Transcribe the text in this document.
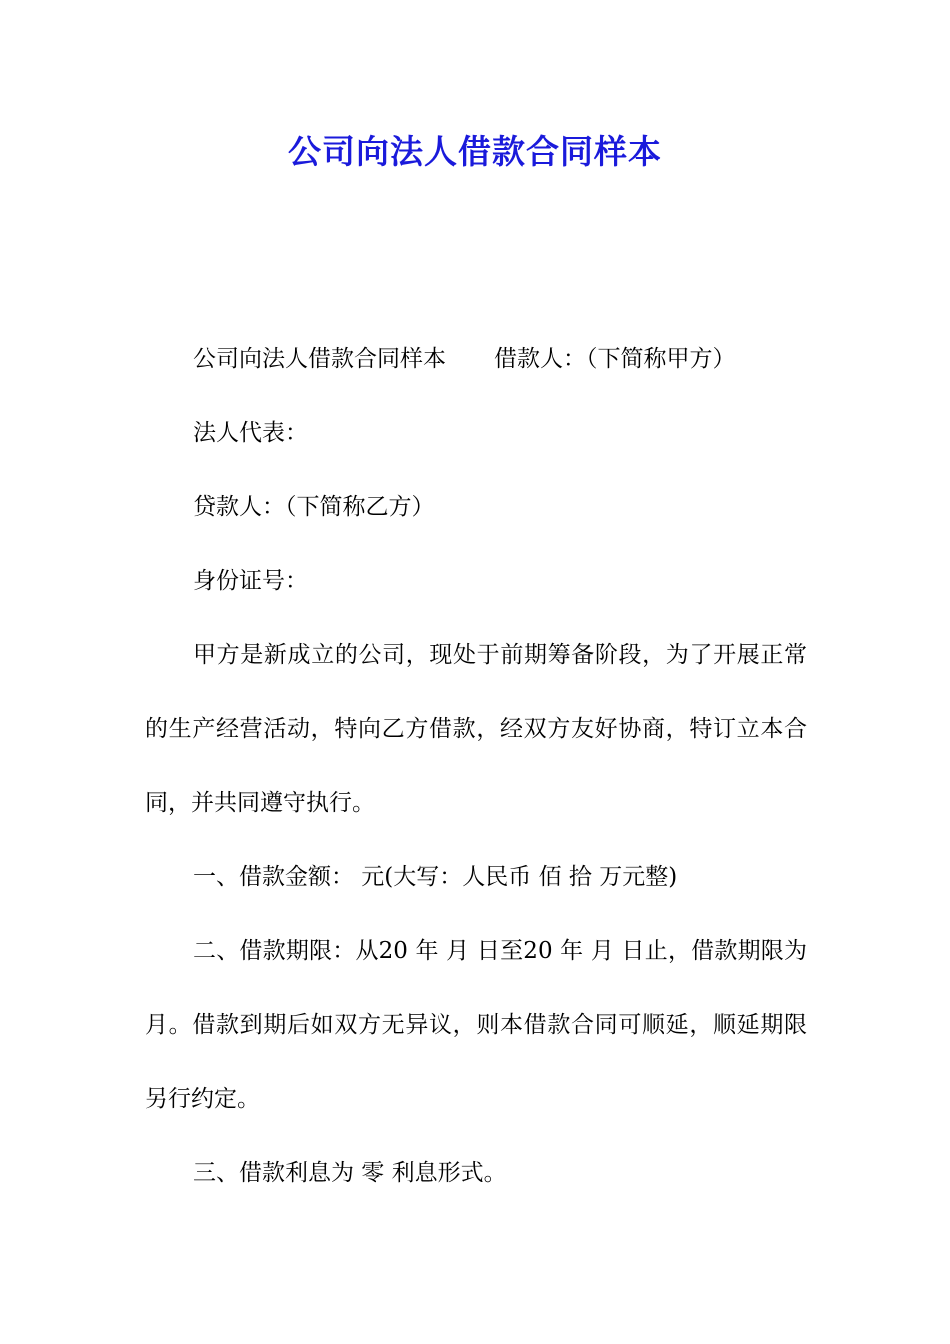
公司向法人借款合同样本

公司向法人借款合同样本 借款人：（下简称甲方）

法人代表：

贷款人：（下简称乙方）

身份证号：

甲方是新成立的公司，现处于前期筹备阶段，为了开展正常的生产经营活动，特向乙方借款，经双方友好协商，特订立本合同，并共同遵守执行。

一、借款金额： 元(大写：人民币 佰 拾 万元整)

二、借款期限：从20 年 月 日至20 年 月 日止，借款期限为 月。借款到期后如双方无异议，则本借款合同可顺延，顺延期限另行约定。

三、借款利息为 零 利息形式。
